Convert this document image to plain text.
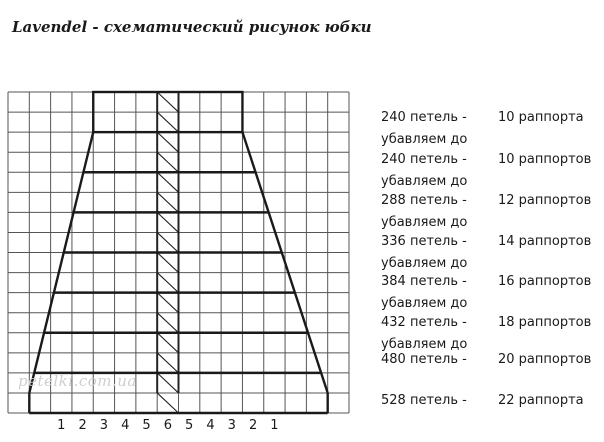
Lavendel - схематический рисунок юбки
1 2 3 4 5 6 5 4 3 2 1
petelki.com.ua
240 петель - 10 раппорта
убавляем до
240 петель - 10 раппортов
убавляем до
288 петель - 12 раппортов
убавляем до
336 петель - 14 раппортов
убавляем до
384 петель - 16 раппортов
убавляем до
432 петель - 18 раппортов
убавляем до
480 петель - 20 раппортов
528 петель - 22 раппорта
